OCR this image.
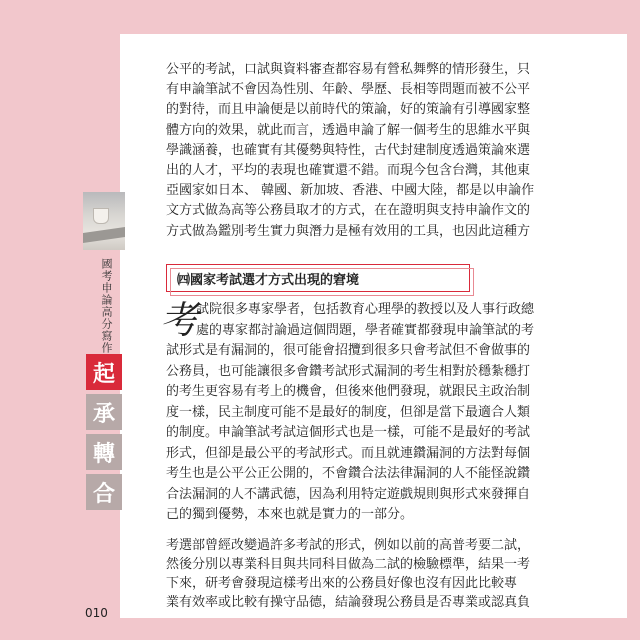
國考申論高分寫作
起
承
轉
合

公平的考試，口試與資料審查都容易有營私舞弊的情形發生，只

有申論筆試不會因為性別、年齡、學歷、長相等問題而被不公平

的對待，而且申論便是以前時代的策論，好的策論有引導國家整

體方向的效果，就此而言，透過申論了解一個考生的思維水平與

學識涵養，也確實有其優勢與特性，古代封建制度透過策論來選

出的人才，平均的表現也確實還不錯。而現今包含台灣，其他東

亞國家如日本、 韓國、新加坡、香港、中國大陸，都是以申論作

文方式做為高等公務員取才的方式，在在證明與支持申論作文的

方式做為鑑別考生實力與潛力是極有效用的工具，也因此這種方

㈣國家考試選才方式出現的窘境
考

試院很多專家學者，包括教育心理學的教授以及人事行政總

處的專家都討論過這個問題，學者確實都發現申論筆試的考

試形式是有漏洞的，很可能會招攬到很多只會考試但不會做事的

公務員，也可能讓很多會鑽考試形式漏洞的考生相對於穩紮穩打

的考生更容易有考上的機會，但後來他們發現，就跟民主政治制

度一樣，民主制度可能不是最好的制度，但卻是當下最適合人類

的制度。申論筆試考試這個形式也是一樣，可能不是最好的考試

形式，但卻是最公平的考試形式。而且就連鑽漏洞的方法對每個

考生也是公平公正公開的，不會鑽合法法律漏洞的人不能怪說鑽

合法漏洞的人不講武德，因為利用特定遊戲規則與形式來發揮自

己的獨到優勢，本來也就是實力的一部分。

考選部曾經改變過許多考試的形式，例如以前的高普考要二試，

然後分別以專業科目與共同科目做為二試的檢驗標準，結果一考

下來，研考會發現這樣考出來的公務員好像也沒有因此比較專

業有效率或比較有操守品德，結論發現公務員是否專業或認真負

010
